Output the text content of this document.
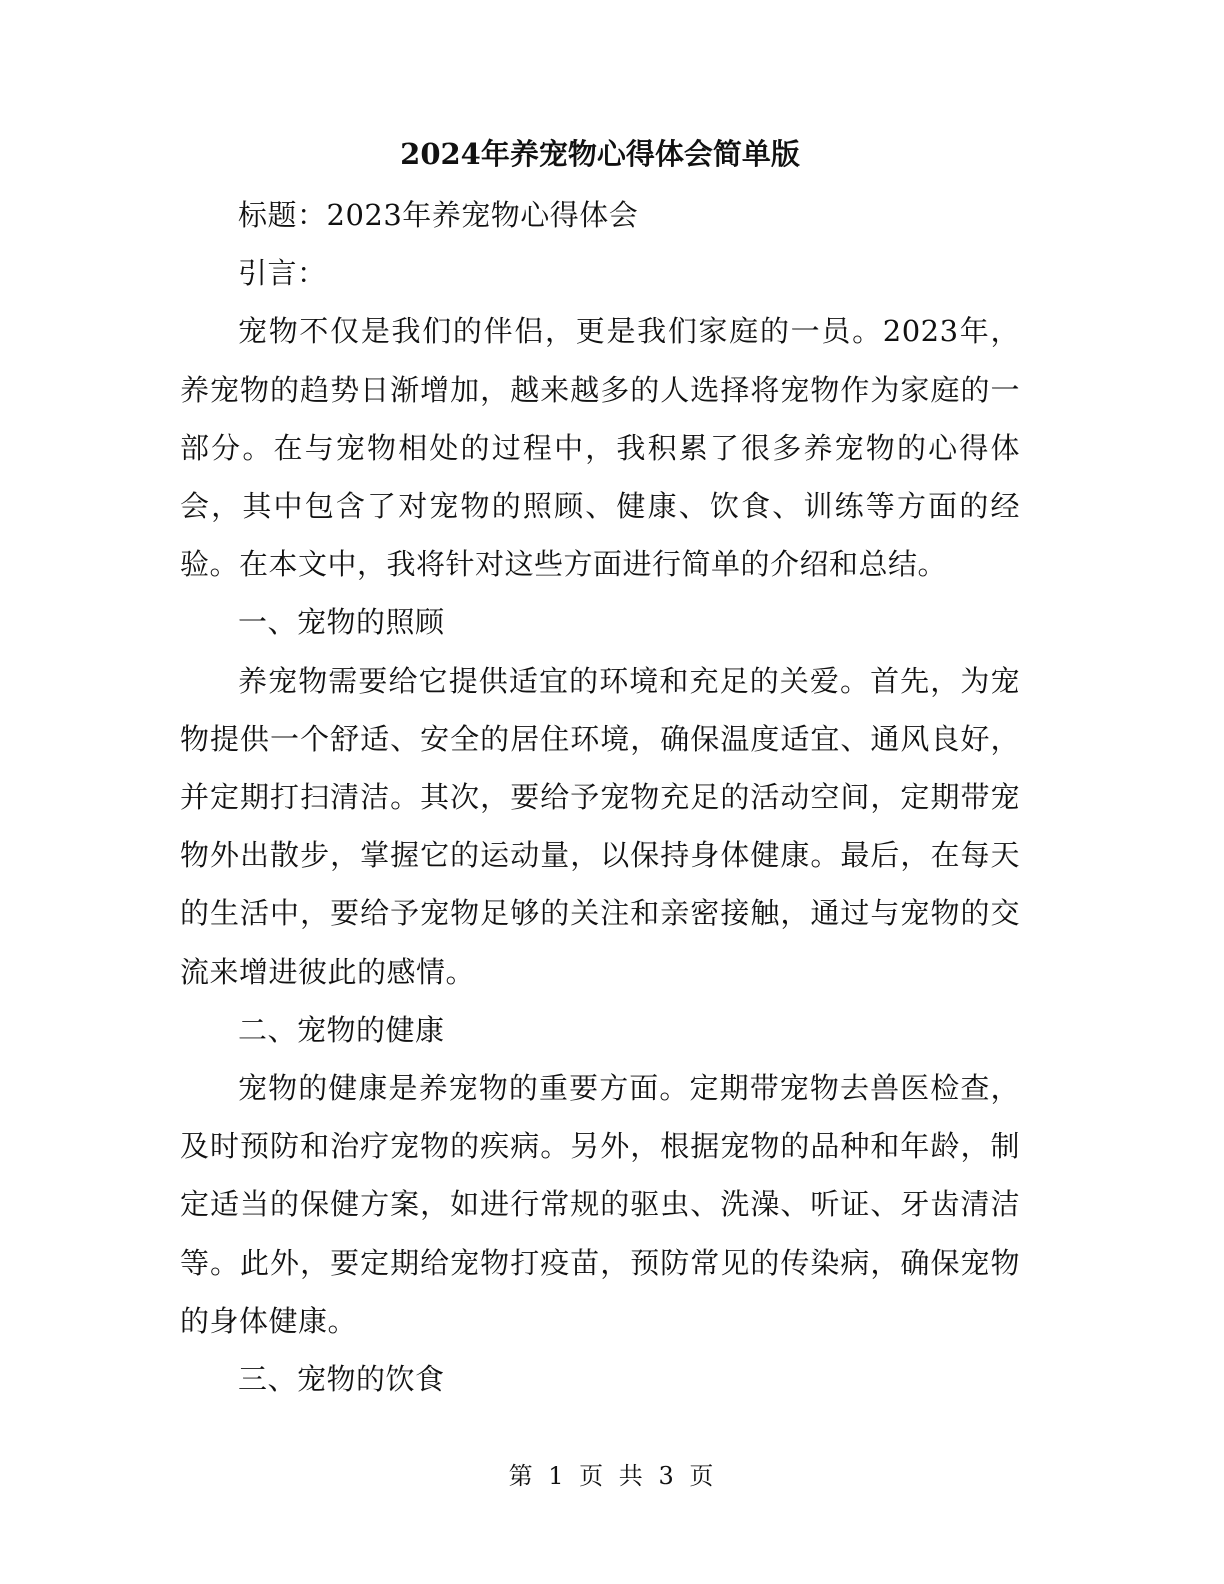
2024年养宠物心得体会简单版

标题：2023年养宠物心得体会

引言：

宠物不仅是我们的伴侣，更是我们家庭的一员。2023年，养宠物的趋势日渐增加，越来越多的人选择将宠物作为家庭的一部分。在与宠物相处的过程中，我积累了很多养宠物的心得体会，其中包含了对宠物的照顾、健康、饮食、训练等方面的经验。在本文中，我将针对这些方面进行简单的介绍和总结。

一、宠物的照顾

养宠物需要给它提供适宜的环境和充足的关爱。首先，为宠物提供一个舒适、安全的居住环境，确保温度适宜、通风良好，并定期打扫清洁。其次，要给予宠物充足的活动空间，定期带宠物外出散步，掌握它的运动量，以保持身体健康。最后，在每天的生活中，要给予宠物足够的关注和亲密接触，通过与宠物的交流来增进彼此的感情。

二、宠物的健康

宠物的健康是养宠物的重要方面。定期带宠物去兽医检查，及时预防和治疗宠物的疾病。另外，根据宠物的品种和年龄，制定适当的保健方案，如进行常规的驱虫、洗澡、听证、牙齿清洁等。此外，要定期给宠物打疫苗，预防常见的传染病，确保宠物的身体健康。

三、宠物的饮食

第 1 页 共 3 页
